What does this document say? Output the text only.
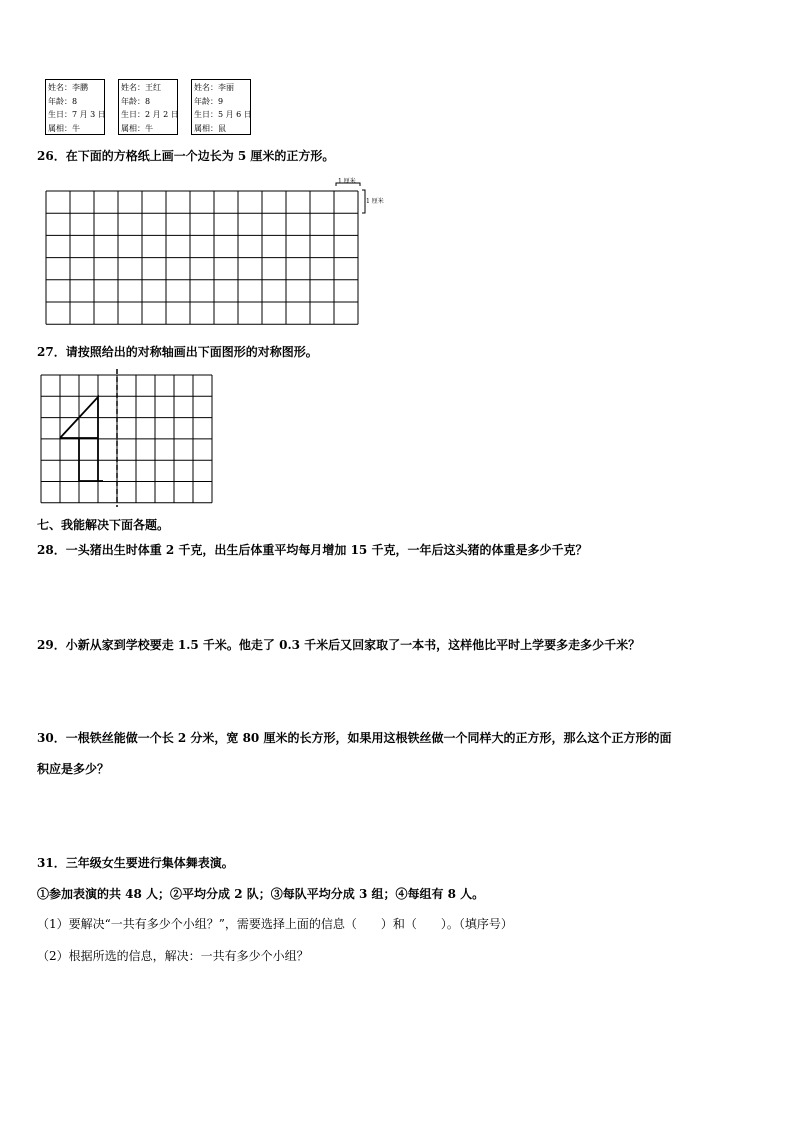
姓名：李鹏
年龄：8
生日：7 月 3 日
属相：牛
姓名：王红
年龄：8
生日：2 月 2 日
属相：牛
姓名：李丽
年龄：9
生日：5 月 6 日
属相：鼠
26．在下面的方格纸上画一个边长为 5 厘米的正方形。
1 厘米
1 厘米
27．请按照给出的对称轴画出下面图形的对称图形。
七、我能解决下面各题。
28．一头猪出生时体重 2 千克，出生后体重平均每月增加 15 千克，一年后这头猪的体重是多少千克？
29．小新从家到学校要走 1.5 千米。他走了 0.3 千米后又回家取了一本书，这样他比平时上学要多走多少千米？
30．一根铁丝能做一个长 2 分米，宽 80 厘米的长方形，如果用这根铁丝做一个同样大的正方形，那么这个正方形的面
积应是多少？
31．三年级女生要进行集体舞表演。
①参加表演的共 48 人；②平均分成 2 队；③每队平均分成 3 组；④每组有 8 人。
（1）要解决“一共有多少个小组？”，需要选择上面的信息（　　）和（　　）。（填序号）
（2）根据所选的信息，解决：一共有多少个小组？
